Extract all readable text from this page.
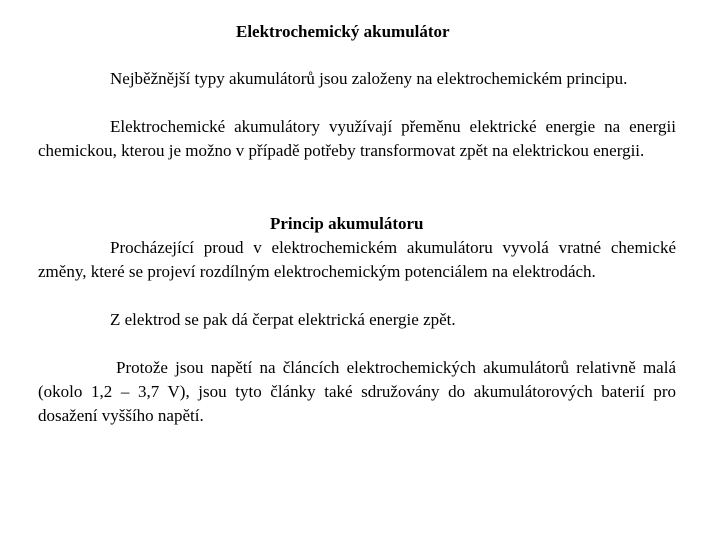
Elektrochemický akumulátor
Nejběžnější typy akumulátorů jsou založeny na elektrochemickém principu.
Elektrochemické akumulátory využívají přeměnu elektrické energie na energii chemickou, kterou je možno v případě potřeby transformovat zpět na elektrickou energii.
Princip akumulátoru
Procházející proud v elektrochemickém akumulátoru vyvolá vratné chemické změny, které se projeví rozdílným elektrochemickým potenciálem na elektrodách.
Z elektrod se pak dá čerpat elektrická energie zpět.
Protože jsou napětí na článcích elektrochemických akumulátorů relativně malá (okolo 1,2 – 3,7 V), jsou tyto články také sdružovány do akumulátorových baterií pro dosažení vyššího napětí.
